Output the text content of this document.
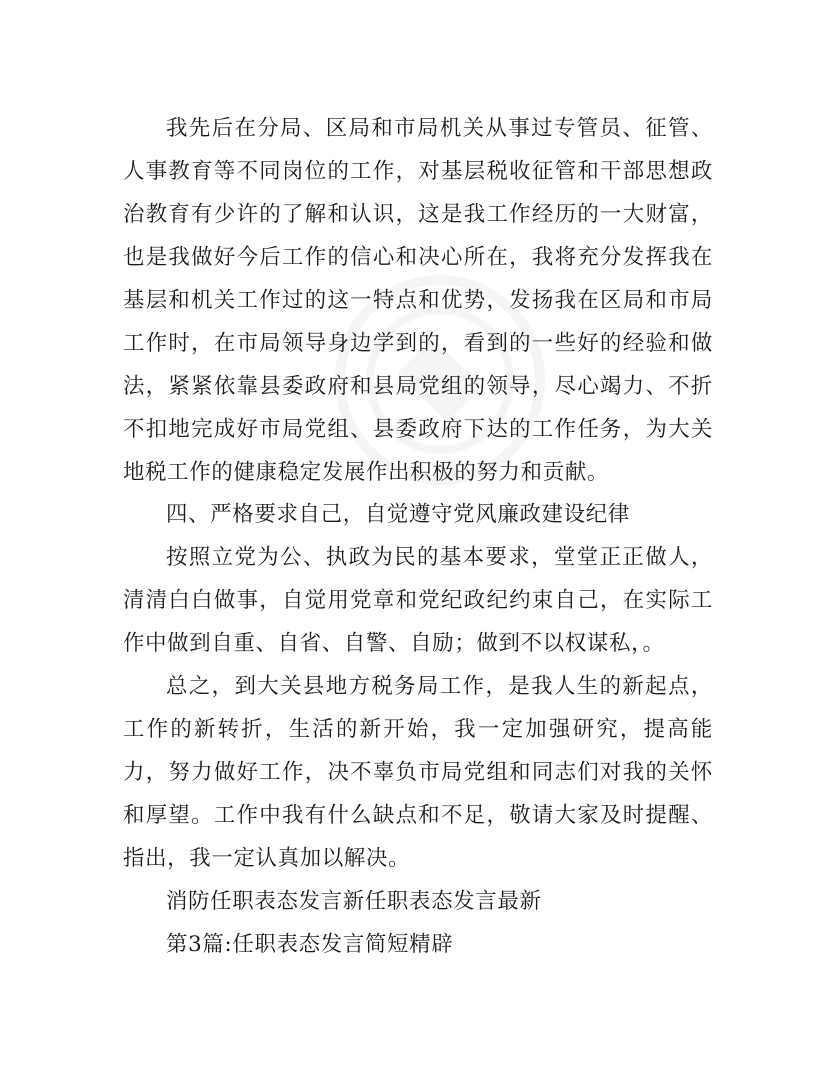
我先后在分局、区局和市局机关从事过专管员、征管、人事教育等不同岗位的工作，对基层税收征管和干部思想政治教育有少许的了解和认识，这是我工作经历的一大财富，也是我做好今后工作的信心和决心所在，我将充分发挥我在基层和机关工作过的这一特点和优势，发扬我在区局和市局工作时，在市局领导身边学到的，看到的一些好的经验和做法，紧紧依靠县委政府和县局党组的领导，尽心竭力、不折不扣地完成好市局党组、县委政府下达的工作任务，为大关地税工作的健康稳定发展作出积极的努力和贡献。

四、严格要求自己，自觉遵守党风廉政建设纪律

按照立党为公、执政为民的基本要求，堂堂正正做人，清清白白做事，自觉用党章和党纪政纪约束自己，在实际工作中做到自重、自省、自警、自励；做到不以权谋私，。

总之，到大关县地方税务局工作，是我人生的新起点，工作的新转折，生活的新开始，我一定加强研究，提高能力，努力做好工作，决不辜负市局党组和同志们对我的关怀和厚望。工作中我有什么缺点和不足，敬请大家及时提醒、指出，我一定认真加以解决。

消防任职表态发言新任职表态发言最新

第3篇:任职表态发言简短精辟
